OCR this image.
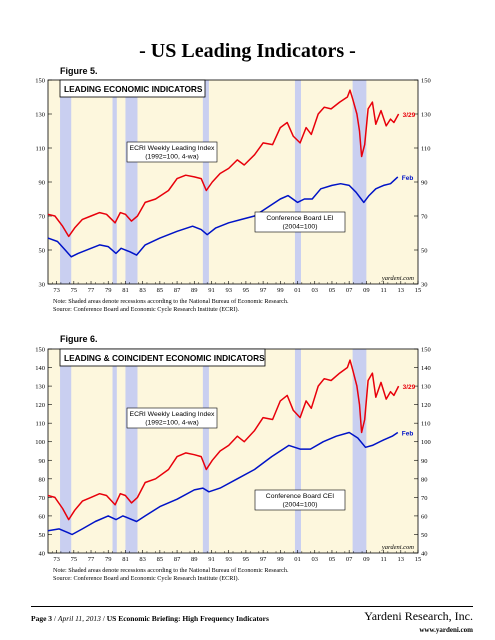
- US Leading Indicators -
Figure 5.
Figure 6.
30	30
50	50
70	70
90	90
110	110
130	130
150	150
73 75 77 79 81 83 85 87 89 91 93 95 97 99 01 03 05 07 09 11 13 15
LEADING ECONOMIC INDICATORS
3/29
Feb
ECRI Weekly Leading Index
(1992=100, 4-wa)
Conference Board LEI
(2004=100)
yardeni.com
40	40
50	50
60	60
70	70
80	80
90	90
100	100
110	110
120	120
130	130
140	140
150	150
73 75 77 79 81 83 85 87 89 91 93 95 97 99 01 03 05 07 09 11 13 15
LEADING & COINCIDENT ECONOMIC INDICATORS
3/29
Feb
ECRI Weekly Leading Index
(1992=100, 4-wa)
Conference Board CEI
(2004=100)
yardeni.com
Note: Shaded areas denote recessions according to the National Bureau of Economic Research.
Source: Conference Board and Economic Cycle Research Institute (ECRI).
Note: Shaded areas denote recessions according to the National Bureau of Economic Research.
Source: Conference Board and Economic Cycle Research Institute (ECRI).
Page 3 / April 11, 2013 / US Economic Briefing: High Frequency Indicators	Yardeni Research, Inc.
www.yardeni.com
